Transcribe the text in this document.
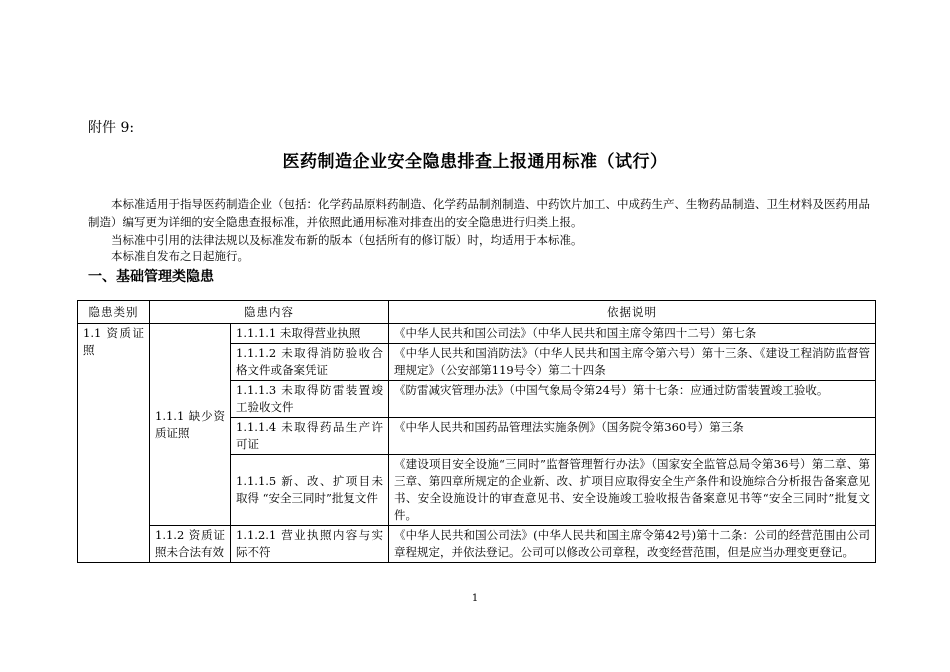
附件 9:
医药制造企业安全隐患排查上报通用标准（试行）
本标准适用于指导医药制造企业（包括：化学药品原料药制造、化学药品制剂制造、中药饮片加工、中成药生产、生物药品制造、卫生材料及医药用品制造）编写更为详细的安全隐患查报标准，并依照此通用标准对排查出的安全隐患进行归类上报。
当标准中引用的法律法规以及标准发布新的版本（包括所有的修订版）时，均适用于本标准。
本标准自发布之日起施行。
一、基础管理类隐患
隐患类别	隐患内容		依据说明
1.1 资质证照	1.1.1 缺少资质证照	1.1.1.1 未取得营业执照	《中华人民共和国公司法》（中华人民共和国主席令第四十二号）第七条
		1.1.1.2 未取得消防验收合格文件或备案凭证	《中华人民共和国消防法》（中华人民共和国主席令第六号）第十三条、《建设工程消防监督管理规定》（公安部第119号令）第二十四条
		1.1.1.3 未取得防雷装置竣工验收文件	《防雷减灾管理办法》（中国气象局令第24号）第十七条：应通过防雷装置竣工验收。
		1.1.1.4 未取得药品生产许可证	《中华人民共和国药品管理法实施条例》（国务院令第360号）第三条
		1.1.1.5 新、改、扩项目未取得 “安全三同时”批复文件	《建设项目安全设施“三同时”监督管理暂行办法》（国家安全监管总局令第36号）第二章、第三章、第四章所规定的企业新、改、扩项目应取得安全生产条件和设施综合分析报告备案意见书、安全设施设计的审查意见书、安全设施竣工验收报告备案意见书等“安全三同时”批复文件。
	1.1.2 资质证照未合法有效	1.1.2.1 营业执照内容与实际不符	《中华人民共和国公司法》(中华人民共和国主席令第42号)第十二条：公司的经营范围由公司章程规定，并依法登记。公司可以修改公司章程，改变经营范围，但是应当办理变更登记。
1
